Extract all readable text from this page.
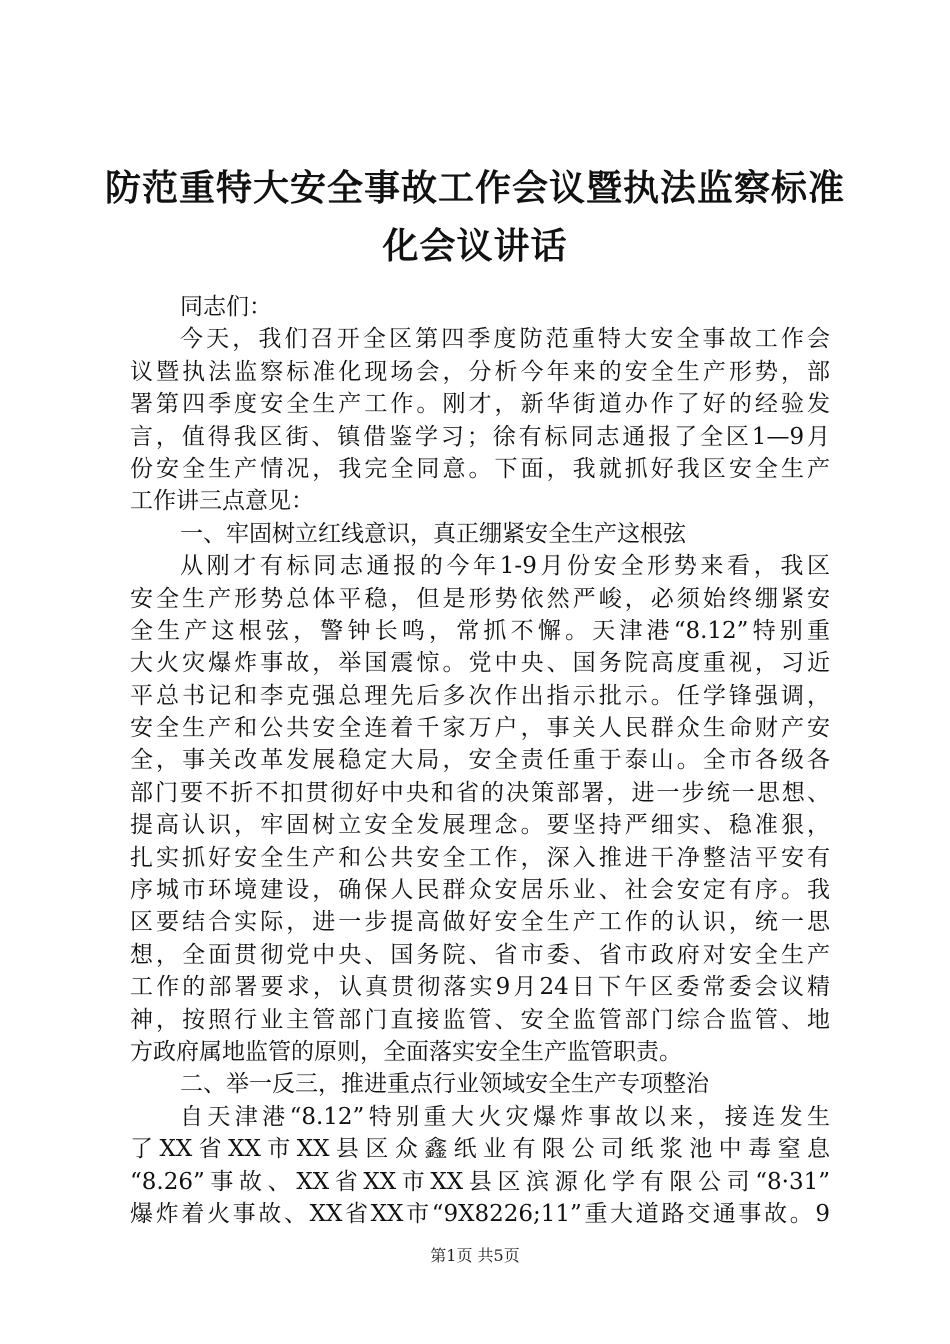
防范重特大安全事故工作会议暨执法监察标准
化会议讲话
同志们：
今天，我们召开全区第四季度防范重特大安全事故工作会
议暨执法监察标准化现场会，分析今年来的安全生产形势，部
署第四季度安全生产工作。刚才，新华街道办作了好的经验发
言，值得我区街、镇借鉴学习；徐有标同志通报了全区1—9月
份安全生产情况，我完全同意。下面，我就抓好我区安全生产
工作讲三点意见：
一、牢固树立红线意识，真正绷紧安全生产这根弦
从刚才有标同志通报的今年1-9月份安全形势来看，我区
安全生产形势总体平稳，但是形势依然严峻，必须始终绷紧安
全生产这根弦，警钟长鸣，常抓不懈。天津港“8.12”特别重
大火灾爆炸事故，举国震惊。党中央、国务院高度重视，习近
平总书记和李克强总理先后多次作出指示批示。任学锋强调，
安全生产和公共安全连着千家万户，事关人民群众生命财产安
全，事关改革发展稳定大局，安全责任重于泰山。全市各级各
部门要不折不扣贯彻好中央和省的决策部署，进一步统一思想、
提高认识，牢固树立安全发展理念。要坚持严细实、稳准狠，
扎实抓好安全生产和公共安全工作，深入推进干净整洁平安有
序城市环境建设，确保人民群众安居乐业、社会安定有序。我
区要结合实际，进一步提高做好安全生产工作的认识，统一思
想，全面贯彻党中央、国务院、省市委、省市政府对安全生产
工作的部署要求，认真贯彻落实9月24日下午区委常委会议精
神，按照行业主管部门直接监管、安全监管部门综合监管、地
方政府属地监管的原则，全面落实安全生产监管职责。
二、举一反三，推进重点行业领域安全生产专项整治
自天津港“8.12”特别重大火灾爆炸事故以来，接连发生
了XX省XX市XX县区众鑫纸业有限公司纸浆池中毒窒息
“8.26”事故、XX省XX市XX县区滨源化学有限公司“8·31”
爆炸着火事故、XX省XX市“9X8226;11”重大道路交通事故。9
第1页 共5页
